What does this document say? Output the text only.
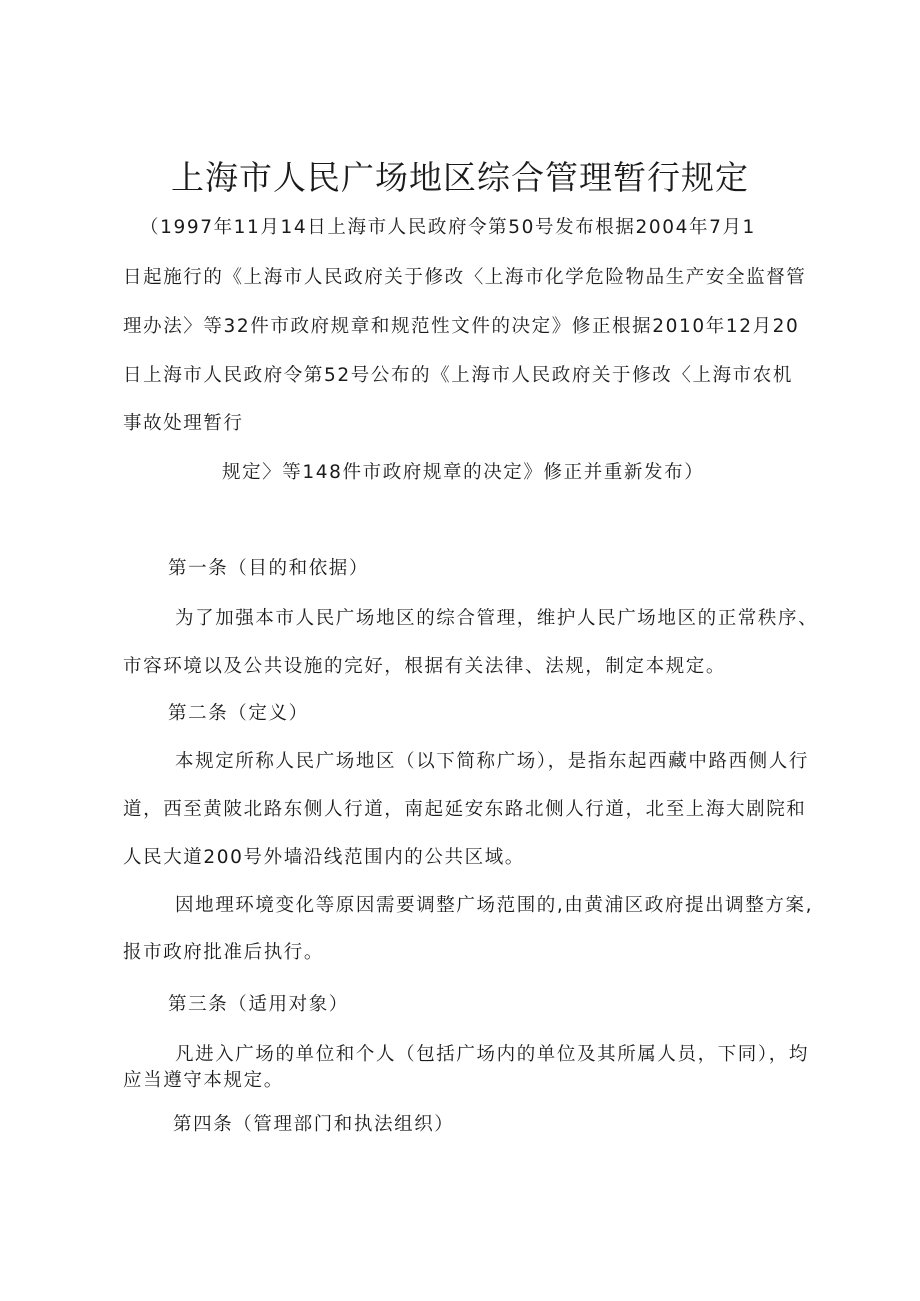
上海市人民广场地区综合管理暂行规定

（1997年11月14日上海市人民政府令第50号发布根据2004年7月1

日起施行的《上海市人民政府关于修改〈上海市化学危险物品生产安全监督管

理办法〉等32件市政府规章和规范性文件的决定》修正根据2010年12月20

日上海市人民政府令第52号公布的《上海市人民政府关于修改〈上海市农机

事故处理暂行

规定〉等148件市政府规章的决定》修正并重新发布）

第一条（目的和依据）

为了加强本市人民广场地区的综合管理，维护人民广场地区的正常秩序、

市容环境以及公共设施的完好，根据有关法律、法规，制定本规定。

第二条（定义）

本规定所称人民广场地区（以下简称广场），是指东起西藏中路西侧人行

道，西至黄陂北路东侧人行道，南起延安东路北侧人行道，北至上海大剧院和

人民大道200号外墙沿线范围内的公共区域。

因地理环境变化等原因需要调整广场范围的,由黄浦区政府提出调整方案,

报市政府批准后执行。

第三条（适用对象）

凡进入广场的单位和个人（包括广场内的单位及其所属人员，下同），均

应当遵守本规定。

第四条（管理部门和执法组织）
